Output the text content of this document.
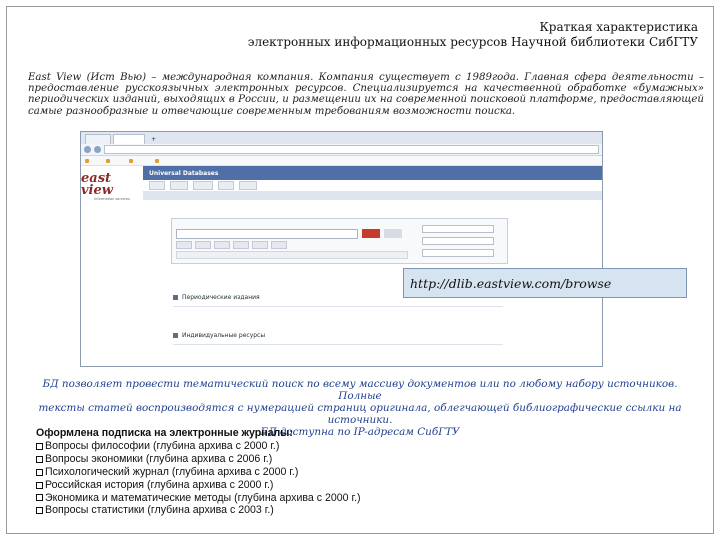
Краткая характеристика
электронных информационных ресурсов Научной библиотеки СибГТУ
East View (Ист Вью) – международная компания. Компания существует с 1989года. Главная сфера деятельности – предоставление русскоязычных электронных ресурсов. Специализируется на качественной обработке «бумажных» периодических изданий, выходящих в России, и размещении их на современной поисковой платформе, предоставляющей самые разнообразные и отвечающие современным требованиям возможности поиска.

+

east view
information services
Universal Databases

Периодические издания
Индивидуальные ресурсы
http://dlib.eastview.com/browse
БД позволяет провести тематический поиск по всему массиву документов или по любому набору источников. Полные
тексты статей воспроизводятся с нумерацией страниц оригинала, облегчающей библиографические ссылки на источники.
БД доступна по IP-адресам СибГТУ
Оформлена подписка на электронные журналы:
Вопросы философии (глубина архива с 2000 г.)
Вопросы экономики (глубина архива с 2006 г.)
Психологический журнал (глубина архива с 2000 г.)
Российская история (глубина архива с 2000 г.)
Экономика и математические методы (глубина архива с 2000 г.)
Вопросы статистики (глубина архива с 2003 г.)
